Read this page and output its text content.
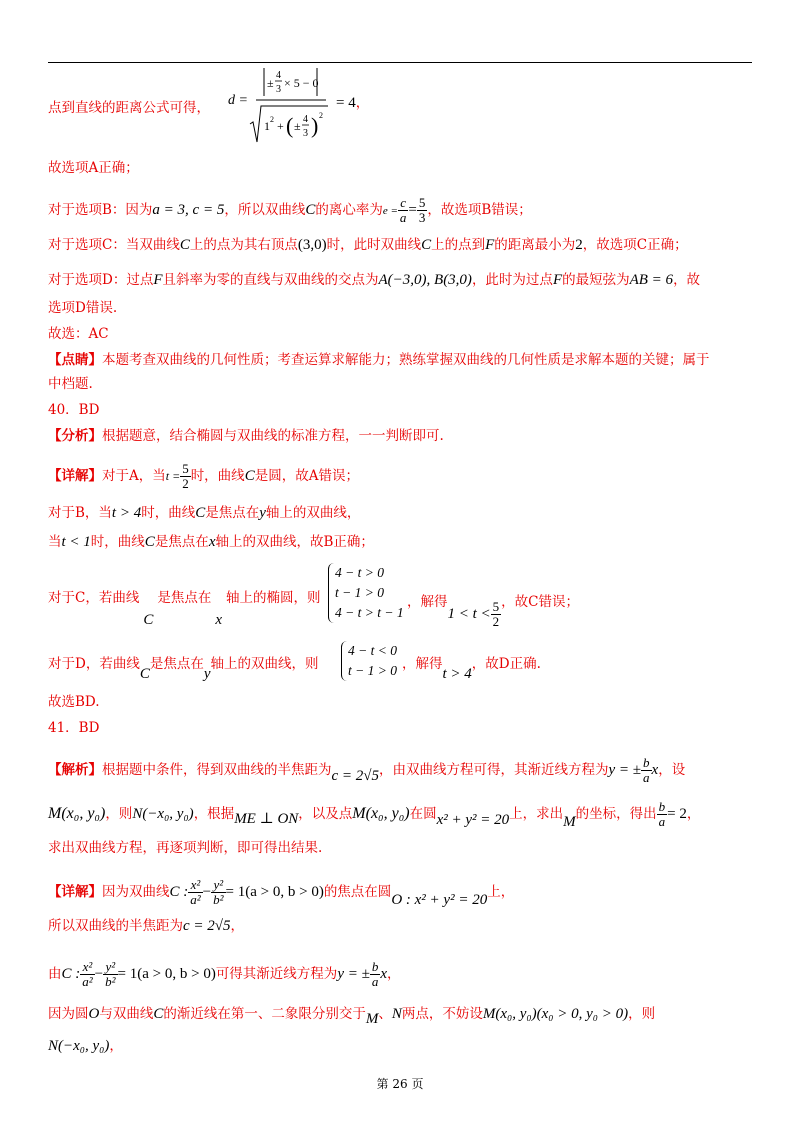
点到直线的距离公式可得， d =
±
4
3 × 5 − 0
1 2 + ( ± 4
3 ) 2
= 4，
故选项A正确；
对于选项B：因为a = 3, c = 5，所以双曲线C的离心率为$e = \frac{c}{a} = \frac{5}{3}$ ，故选项B错误；
对于选项C：当双曲线C上的点为其右顶点(3,0)时，此时双曲线C上的点到F的距离最小为2，故选项C正确；
对于选项D：过点F且斜率为零的直线与双曲线的交点为A(−3,0), B(3,0)，此时为过点F的最短弦为AB = 6，故
选项D错误.
故选：AC
【点睛】本题考查双曲线的几何性质；考查运算求解能力；熟练掌握双曲线的几何性质是求解本题的关键；属于
中档题.
40．BD
【分析】根据题意，结合椭圆与双曲线的标准方程，一一判断即可.
【详解】对于A，当$t = \frac{5}{2}$ 时，曲线C是圆，故A错误；
对于B，当t > 4时，曲线C是焦点在y轴上的双曲线，
当t < 1时，曲线C是焦点在x轴上的双曲线，故B正确；
对于C，若曲线C是焦点在x轴上的椭圆，则
4 − t > 0
t − 1 > 0
4 − t > t − 1
，解得$1 < t < \frac{5}{2}$ ，故C错误；
对于D，若曲线C是焦点在y轴上的双曲线，则
4 − t < 0
t − 1 > 0 ，解得t > 4，故D正确.
故选BD.
41．BD
【解析】根据题中条件，得到双曲线的半焦距为c = 2√5，由双曲线方程可得，其渐近线方程为y = ± $\frac{b}{a}$ x，设
M(x₀, y₀)，则N(−x₀, y₀)，根据ME ⊥ ON，以及点M(x₀, y₀)在圆x² + y² = 20上，求出M的坐标，得出 $\frac{b}{a} = 2$，
求出双曲线方程，再逐项判断，即可得出结果.
【详解】因为双曲线C : $\frac{\text{x²}}{\text{a²}} - \frac{\text{y²}}{\text{b²}} = 1(a > 0$, b > 0)的焦点在圆O : x² + y² = 20上，
所以双曲线的半焦距为c = 2√5，
由C : $\frac{\text{x²}}{\text{a²}} - \frac{\text{y²}}{\text{b²}} = 1(a > 0$, b > 0)可得其渐近线方程为y = ± $\frac{b}{a}$ x，
因为圆O与双曲线C的渐近线在第一、二象限分别交于M、N两点，不妨设M(x₀, y₀)(x₀ > 0, y₀ > 0)，则
N(−x₀, y₀)，
第 26 页
